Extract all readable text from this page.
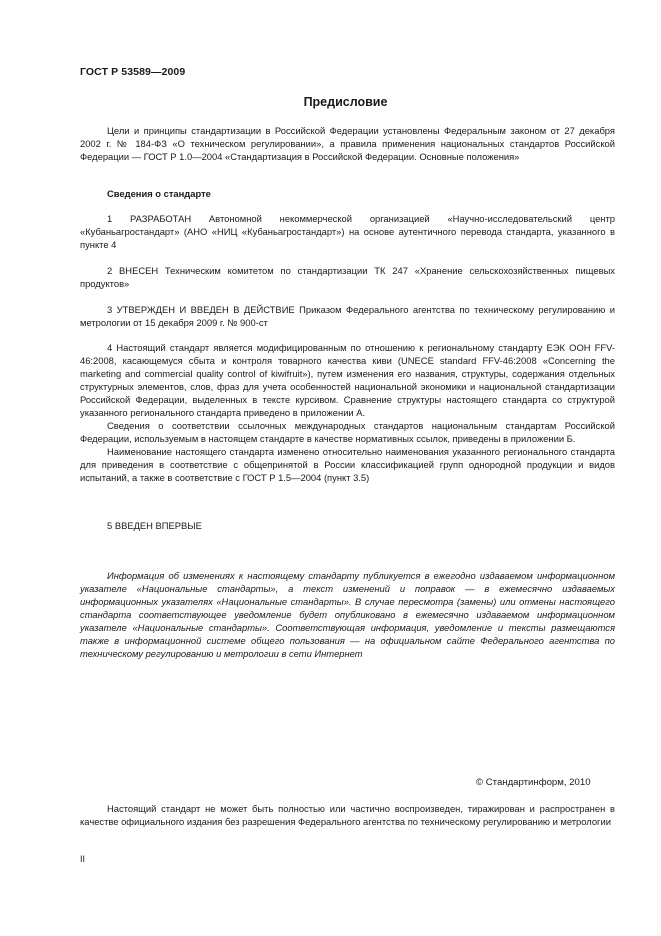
ГОСТ Р 53589—2009
Предисловие

Цели и принципы стандартизации в Российской Федерации установлены Федеральным законом от 27 декабря 2002 г. № 184-ФЗ «О техническом регулировании», а правила применения национальных стандартов Российской Федерации — ГОСТ Р 1.0—2004 «Стандартизация в Российской Федерации. Основные положения»

Сведения о стандарте

1 РАЗРАБОТАН Автономной некоммерческой организацией «Научно-исследовательский центр «Кубаньагростандарт» (АНО «НИЦ «Кубаньагростандарт») на основе аутентичного перевода стандарта, указанного в пункте 4

2 ВНЕСЕН Техническим комитетом по стандартизации ТК 247 «Хранение сельскохозяйственных пищевых продуктов»

3 УТВЕРЖДЕН И ВВЕДЕН В ДЕЙСТВИЕ Приказом Федерального агентства по техническому регулированию и метрологии от 15 декабря 2009 г. № 900-ст

4 Настоящий стандарт является модифицированным по отношению к региональному стандарту ЕЭК ООН FFV-46:2008, касающемуся сбыта и контроля товарного качества киви (UNECE standard FFV-46:2008 «Concerning the marketing and commercial quality control of kiwifruit»), путем изменения его названия, структуры, содержания отдельных структурных элементов, слов, фраз для учета особенностей национальной экономики и национальной стандартизации Российской Федерации, выделенных в тексте курсивом. Сравнение структуры настоящего стандарта со структурой указанного регионального стандарта приведено в приложении А.

Сведения о соответствии ссылочных международных стандартов национальным стандартам Российской Федерации, используемым в настоящем стандарте в качестве нормативных ссылок, приведены в приложении Б.

Наименование настоящего стандарта изменено относительно наименования указанного регионального стандарта для приведения в соответствие с общепринятой в России классификацией групп однородной продукции и видов испытаний, а также в соответствие с ГОСТ Р 1.5—2004 (пункт 3.5)

5 ВВЕДЕН ВПЕРВЫЕ

Информация об изменениях к настоящему стандарту публикуется в ежегодно издаваемом информационном указателе «Национальные стандарты», а текст изменений и поправок — в ежемесячно издаваемых информационных указателях «Национальные стандарты». В случае пересмотра (замены) или отмены настоящего стандарта соответствующее уведомление будет опубликовано в ежемесячно издаваемом информационном указателе «Национальные стандарты». Соответствующая информация, уведомление и тексты размещаются также в информационной системе общего пользования — на официальном сайте Федерального агентства по техническому регулированию и метрологии в сети Интернет

© Стандартинформ, 2010

Настоящий стандарт не может быть полностью или частично воспроизведен, тиражирован и распространен в качестве официального издания без разрешения Федерального агентства по техническому регулированию и метрологии

II
